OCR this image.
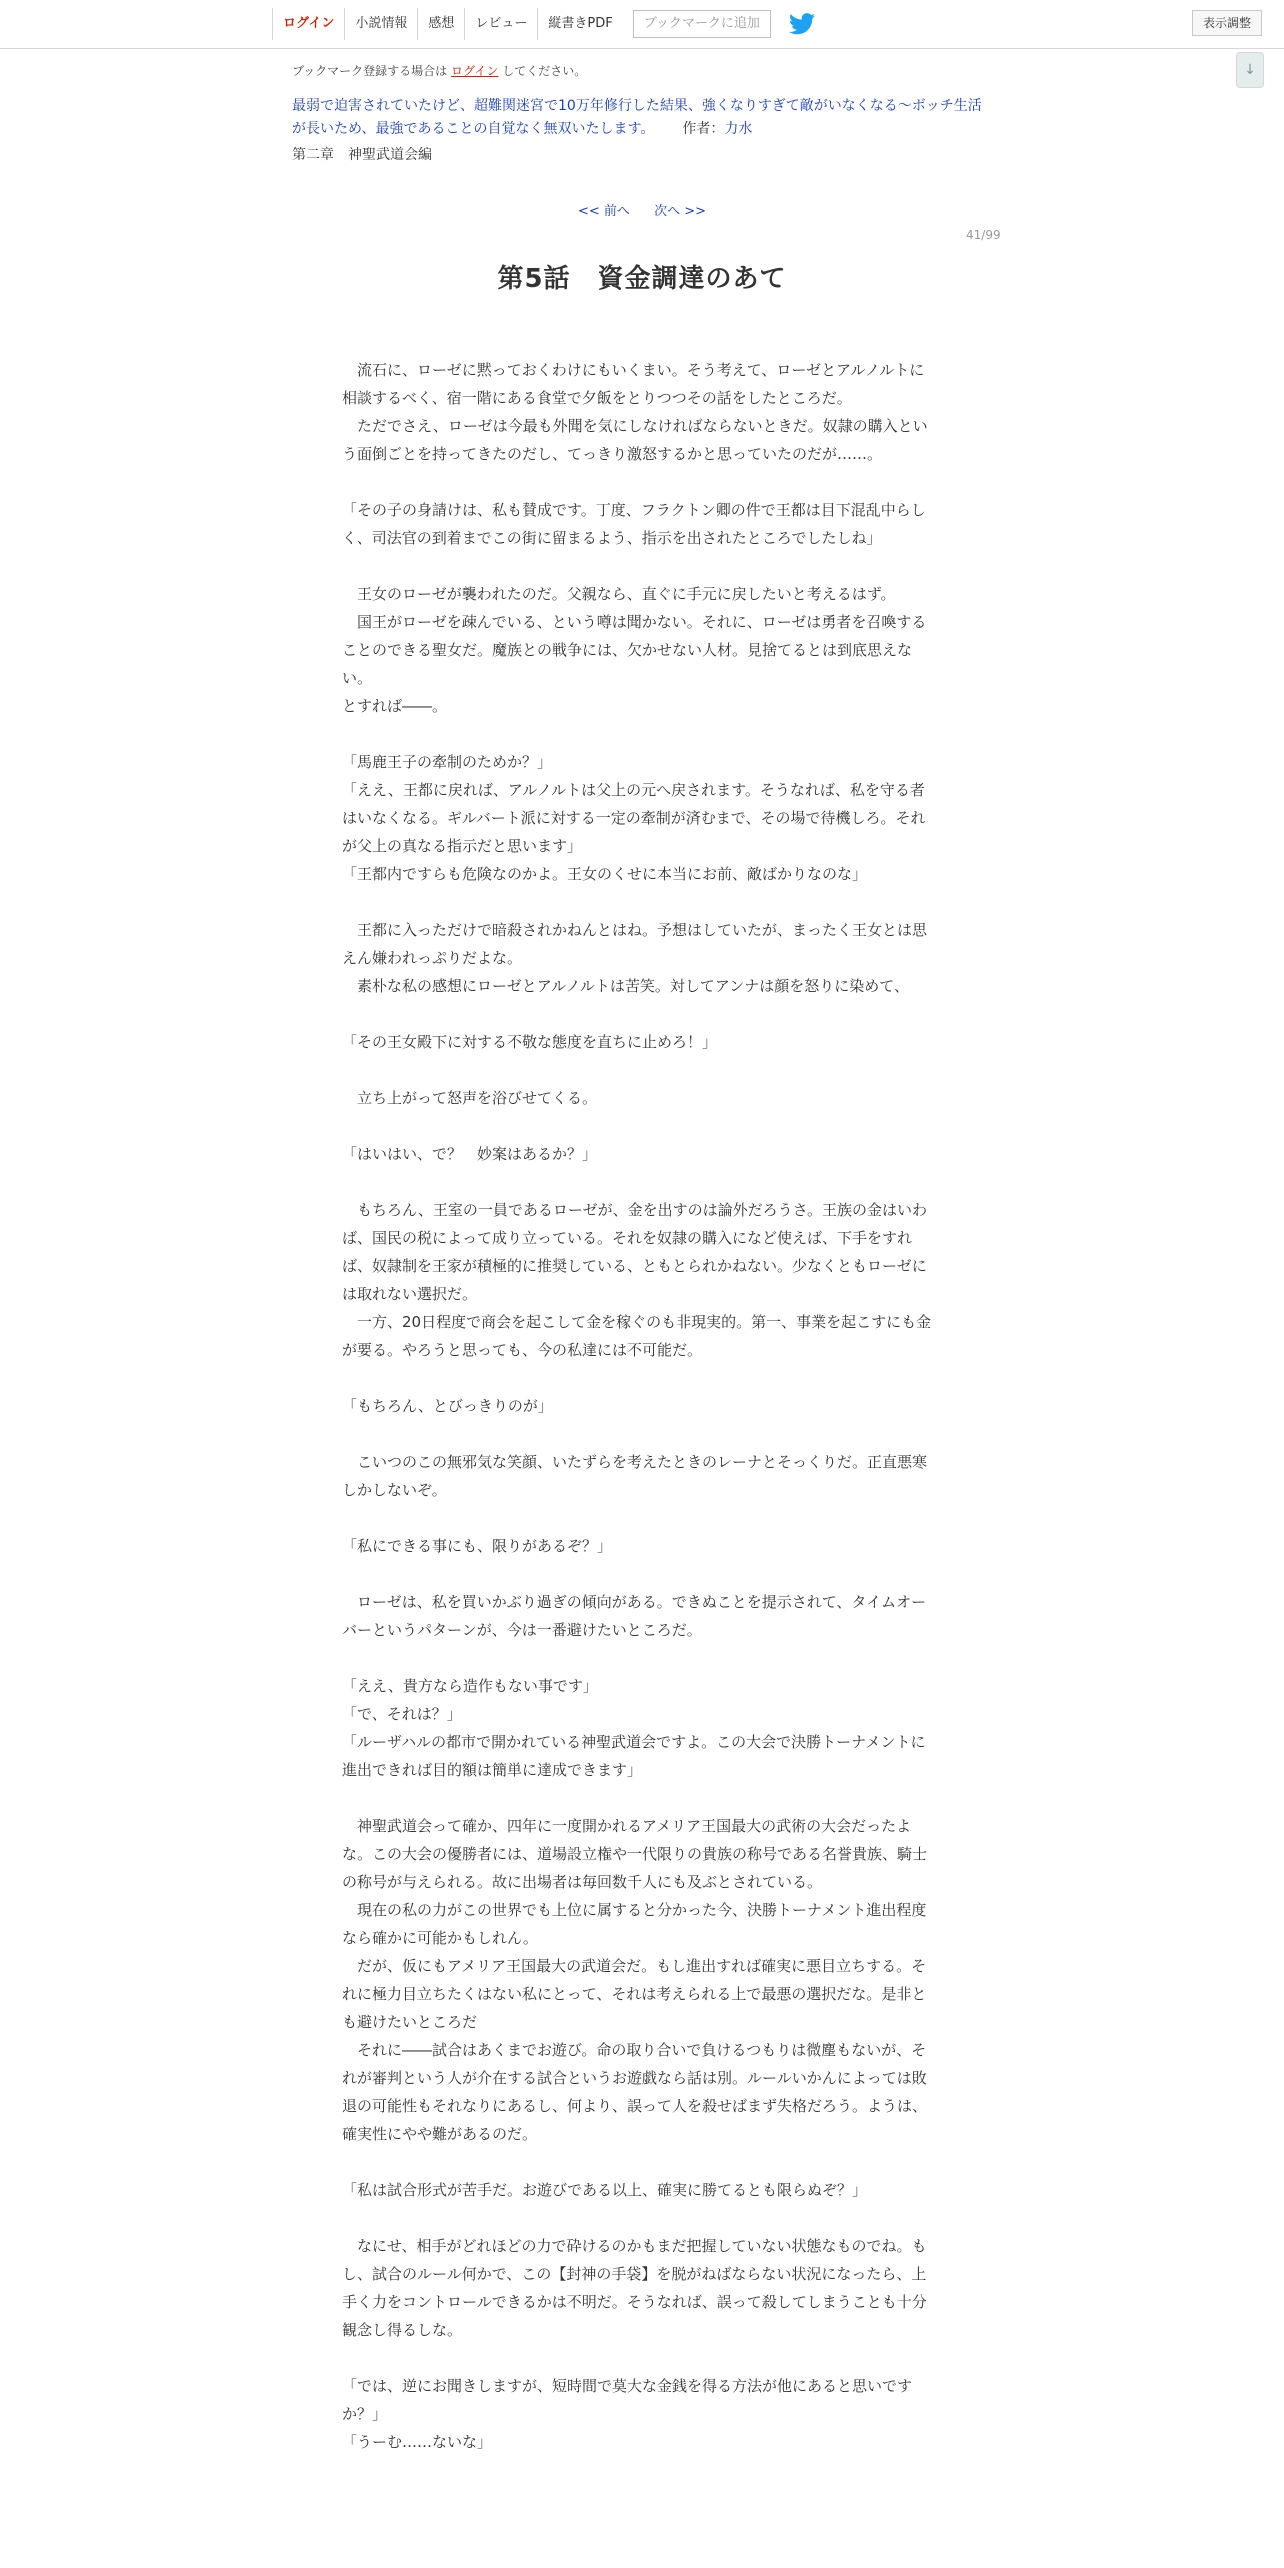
ログイン	小説情報	感想	レビュー	縦書きPDF	ブックマークに追加	表示調整
↓
ブックマーク登録する場合は ログイン してください。
最弱で迫害されていたけど、超難関迷宮で10万年修行した結果、強くなりすぎて敵がいなくなる～ボッチ生活が長いため、最強であることの自覚なく無双いたします。 作者：力水
第二章　神聖武道会編
<< 前へ 次へ >>
41/99
第5話　資金調達のあて

　流石に、ローゼに黙っておくわけにもいくまい。そう考えて、ローゼとアルノルトに相談するべく、宿一階にある食堂で夕飯をとりつつその話をしたところだ。

　ただでさえ、ローゼは今最も外聞を気にしなければならないときだ。奴隷の購入という面倒ごとを持ってきたのだし、てっきり激怒するかと思っていたのだが……。

「その子の身請けは、私も賛成です。丁度、フラクトン卿の件で王都は目下混乱中らしく、司法官の到着までこの街に留まるよう、指示を出されたところでしたしね」

　王女のローゼが襲われたのだ。父親なら、直ぐに手元に戻したいと考えるはず。

　国王がローゼを疎んでいる、という噂は聞かない。それに、ローゼは勇者を召喚することのできる聖女だ。魔族との戦争には、欠かせない人材。見捨てるとは到底思えない。

とすれば――。

「馬鹿王子の牽制のためか？」

「ええ、王都に戻れば、アルノルトは父上の元へ戻されます。そうなれば、私を守る者はいなくなる。ギルバート派に対する一定の牽制が済むまで、その場で待機しろ。それが父上の真なる指示だと思います」

「王都内ですらも危険なのかよ。王女のくせに本当にお前、敵ばかりなのな」

　王都に入っただけで暗殺されかねんとはね。予想はしていたが、まったく王女とは思えん嫌われっぷりだよな。

　素朴な私の感想にローゼとアルノルトは苦笑。対してアンナは顔を怒りに染めて、

「その王女殿下に対する不敬な態度を直ちに止めろ！」

　立ち上がって怒声を浴びせてくる。

「はいはい、で？　妙案はあるか？」

　もちろん、王室の一員であるローゼが、金を出すのは論外だろうさ。王族の金はいわば、国民の税によって成り立っている。それを奴隷の購入になど使えば、下手をすれば、奴隷制を王家が積極的に推奨している、ともとられかねない。少なくともローゼには取れない選択だ。

　一方、20日程度で商会を起こして金を稼ぐのも非現実的。第一、事業を起こすにも金が要る。やろうと思っても、今の私達には不可能だ。

「もちろん、とびっきりのが」

　こいつのこの無邪気な笑顔、いたずらを考えたときのレーナとそっくりだ。正直悪寒しかしないぞ。

「私にできる事にも、限りがあるぞ？」

　ローゼは、私を買いかぶり過ぎの傾向がある。できぬことを提示されて、タイムオーバーというパターンが、今は一番避けたいところだ。

「ええ、貴方なら造作もない事です」

「で、それは？」

「ルーザハルの都市で開かれている神聖武道会ですよ。この大会で決勝トーナメントに進出できれば目的額は簡単に達成できます」

　神聖武道会って確か、四年に一度開かれるアメリア王国最大の武術の大会だったよな。この大会の優勝者には、道場設立権や一代限りの貴族の称号である名誉貴族、騎士の称号が与えられる。故に出場者は毎回数千人にも及ぶとされている。

　現在の私の力がこの世界でも上位に属すると分かった今、決勝トーナメント進出程度なら確かに可能かもしれん。

　だが、仮にもアメリア王国最大の武道会だ。もし進出すれば確実に悪目立ちする。それに極力目立ちたくはない私にとって、それは考えられる上で最悪の選択だな。是非とも避けたいところだ

　それに――試合はあくまでお遊び。命の取り合いで負けるつもりは微塵もないが、それが審判という人が介在する試合というお遊戯なら話は別。ルールいかんによっては敗退の可能性もそれなりにあるし、何より、誤って人を殺せばまず失格だろう。ようは、確実性にやや難があるのだ。

「私は試合形式が苦手だ。お遊びである以上、確実に勝てるとも限らぬぞ？」

　なにせ、相手がどれほどの力で砕けるのかもまだ把握していない状態なものでね。もし、試合のルール何かで、この【封神の手袋】を脱がねばならない状況になったら、上手く力をコントロールできるかは不明だ。そうなれば、誤って殺してしまうことも十分観念し得るしな。

「では、逆にお聞きしますが、短時間で莫大な金銭を得る方法が他にあると思いですか？」

「うーむ……ないな」
